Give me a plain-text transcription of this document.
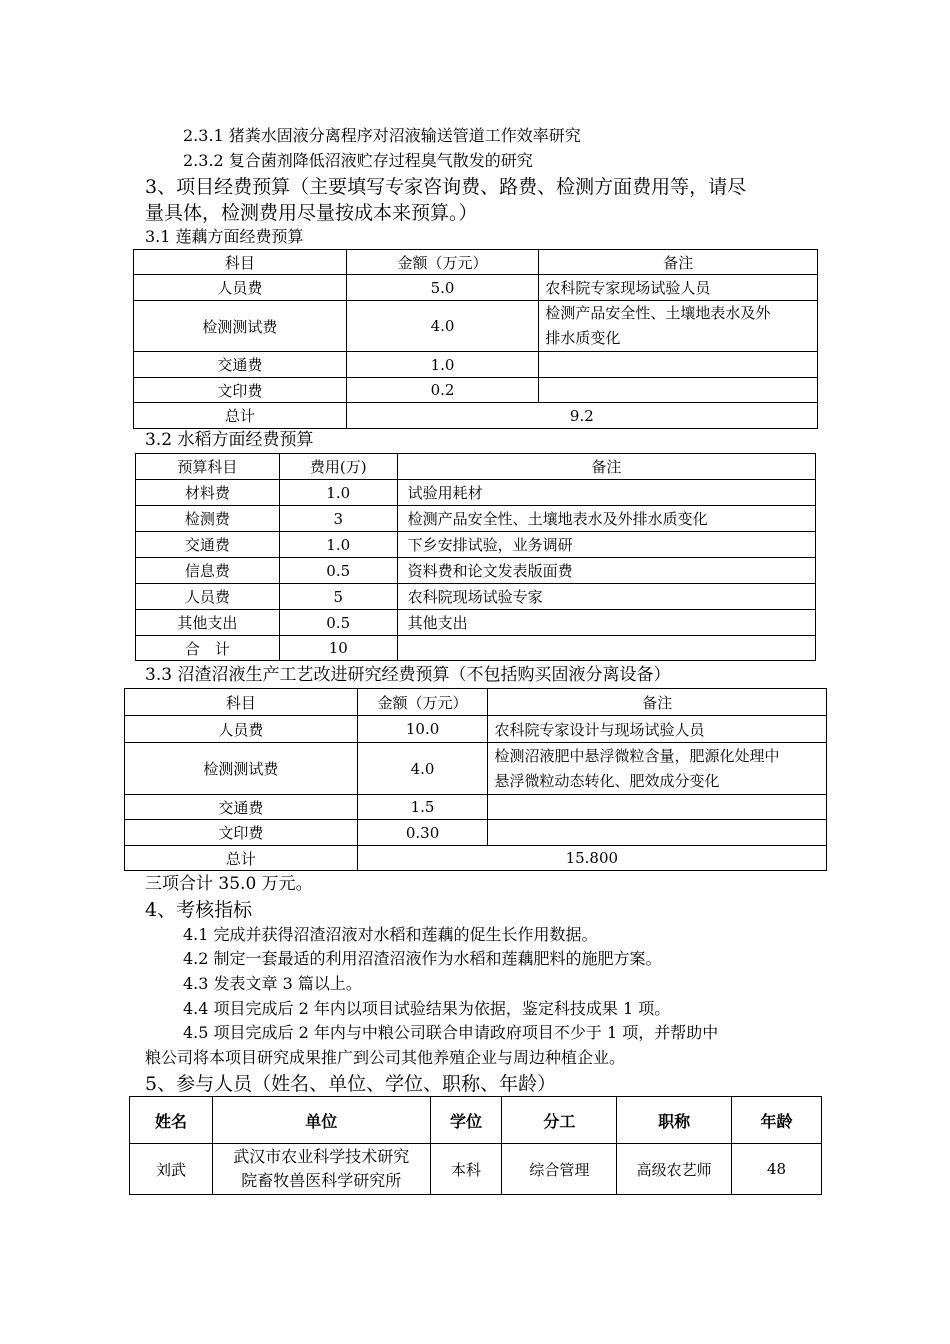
2.3.1 猪粪水固液分离程序对沼液输送管道工作效率研究
2.3.2 复合菌剂降低沼液贮存过程臭气散发的研究
3、项目经费预算（主要填写专家咨询费、路费、检测方面费用等，请尽
量具体，检测费用尽量按成本来预算。）
3.1 莲藕方面经费预算
科目	金额（万元）	备注
人员费	5.0	农科院专家现场试验人员
检测测试费	4.0	检测产品安全性、土壤地表水及外
排水质变化
交通费	1.0	
文印费	0.2	
总计	9.2	
3.2 水稻方面经费预算
预算科目	费用(万)	备注
材料费	1.0	试验用耗材
检测费	3	检测产品安全性、土壤地表水及外排水质变化
交通费	1.0	下乡安排试验，业务调研
信息费	0.5	资料费和论文发表版面费
人员费	5	农科院现场试验专家
其他支出	0.5	其他支出
合　计	10	
3.3 沼渣沼液生产工艺改进研究经费预算（不包括购买固液分离设备）
科目	金额（万元）	备注
人员费	10.0	农科院专家设计与现场试验人员
检测测试费	4.0	检测沼液肥中悬浮微粒含量，肥源化处理中
悬浮微粒动态转化、肥效成分变化
交通费	1.5	
文印费	0.30	
总计	15.800	
三项合计 35.0 万元。
4、考核指标
4.1 完成并获得沼渣沼液对水稻和莲藕的促生长作用数据。
4.2 制定一套最适的利用沼渣沼液作为水稻和莲藕肥料的施肥方案。
4.3 发表文章 3 篇以上。
4.4 项目完成后 2 年内以项目试验结果为依据，鉴定科技成果 1 项。
4.5 项目完成后 2 年内与中粮公司联合申请政府项目不少于 1 项，并帮助中
粮公司将本项目研究成果推广到公司其他养殖企业与周边种植企业。
5、参与人员（姓名、单位、学位、职称、年龄）
姓名	单位	学位	分工	职称	年龄
刘武	武汉市农业科学技术研究
院畜牧兽医科学研究所	本科	综合管理	高级农艺师	48
